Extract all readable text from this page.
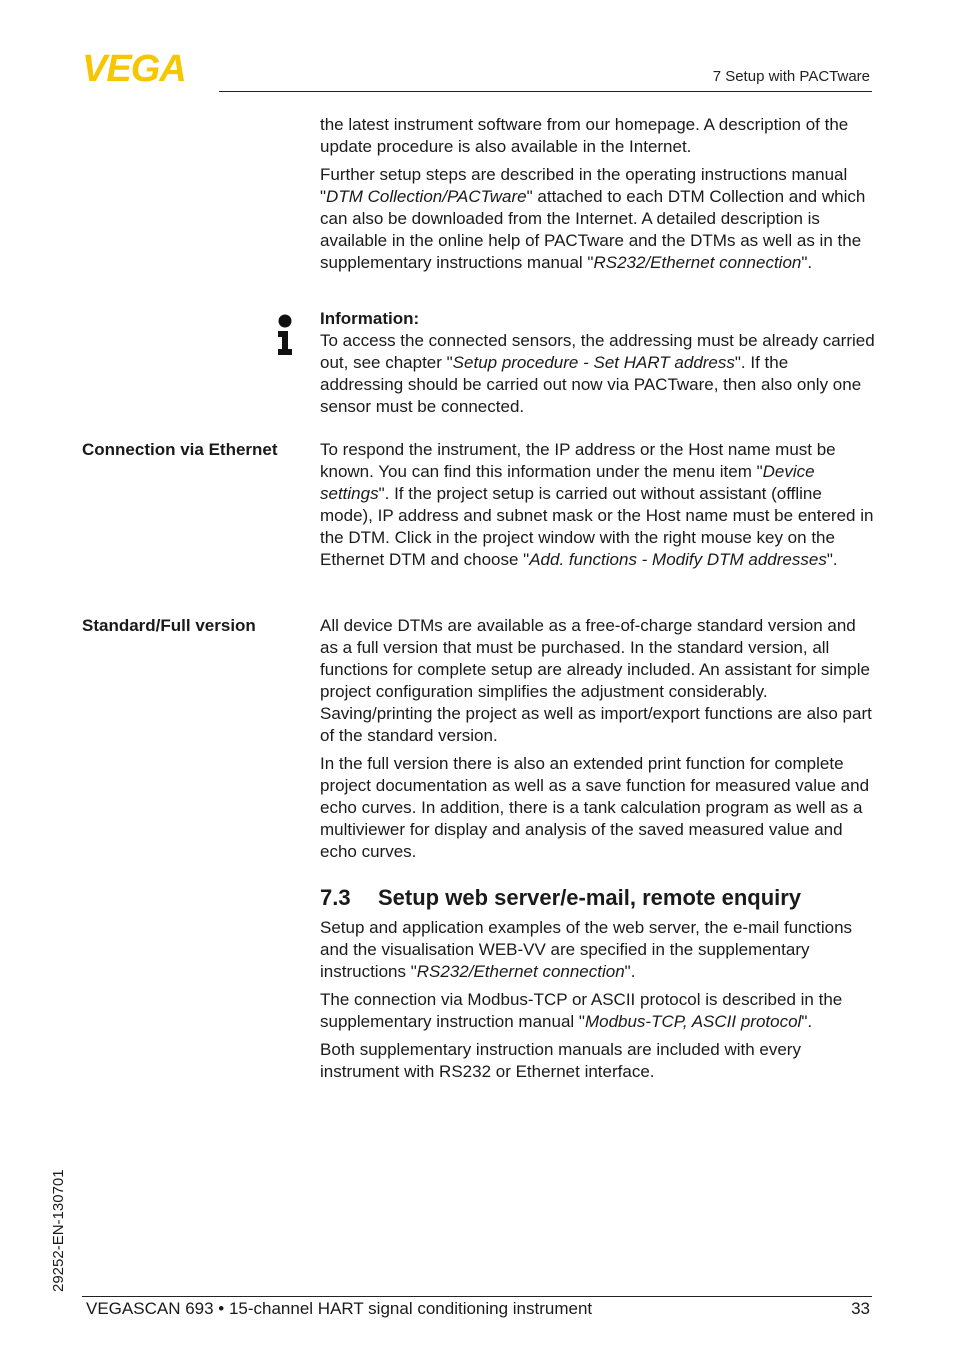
VEGA	7 Setup with PACTware

the latest instrument software from our homepage. A description of the update procedure is also available in the Internet.

Further setup steps are described in the operating instructions manual "DTM Collection/PACTware" attached to each DTM Collection and which can also be downloaded from the Internet. A detailed description is available in the online help of PACTware and the DTMs as well as in the supplementary instructions manual "RS232/Ethernet connection".

Information:

To access the connected sensors, the addressing must be already carried out, see chapter "Setup procedure - Set HART address". If the addressing should be carried out now via PACTware, then also only one sensor must be connected.

Connection via Ethernet	To respond the instrument, the IP address or the Host name must be known. You can find this information under the menu item "Device settings". If the project setup is carried out without assistant (offline mode), IP address and subnet mask or the Host name must be entered in the DTM. Click in the project window with the right mouse key on the Ethernet DTM and choose "Add. functions - Modify DTM addresses".

Standard/Full version	All device DTMs are available as a free-of-charge standard version and as a full version that must be purchased. In the standard version, all functions for complete setup are already included. An assistant for simple project configuration simplifies the adjustment considerably. Saving/printing the project as well as import/export functions are also part of the standard version.

In the full version there is also an extended print function for complete project documentation as well as a save function for measured value and echo curves. In addition, there is a tank calculation program as well as a multiviewer for display and analysis of the saved measured value and echo curves.

7.3 Setup web server/e-mail, remote enquiry

Setup and application examples of the web server, the e-mail functions and the visualisation WEB-VV are specified in the supplementary instructions "RS232/Ethernet connection".

The connection via Modbus-TCP or ASCII protocol is described in the supplementary instruction manual "Modbus-TCP, ASCII protocol".

Both supplementary instruction manuals are included with every instrument with RS232 or Ethernet interface.

29252-EN-130701
VEGASCAN 693 • 15-channel HART signal conditioning instrument	33
